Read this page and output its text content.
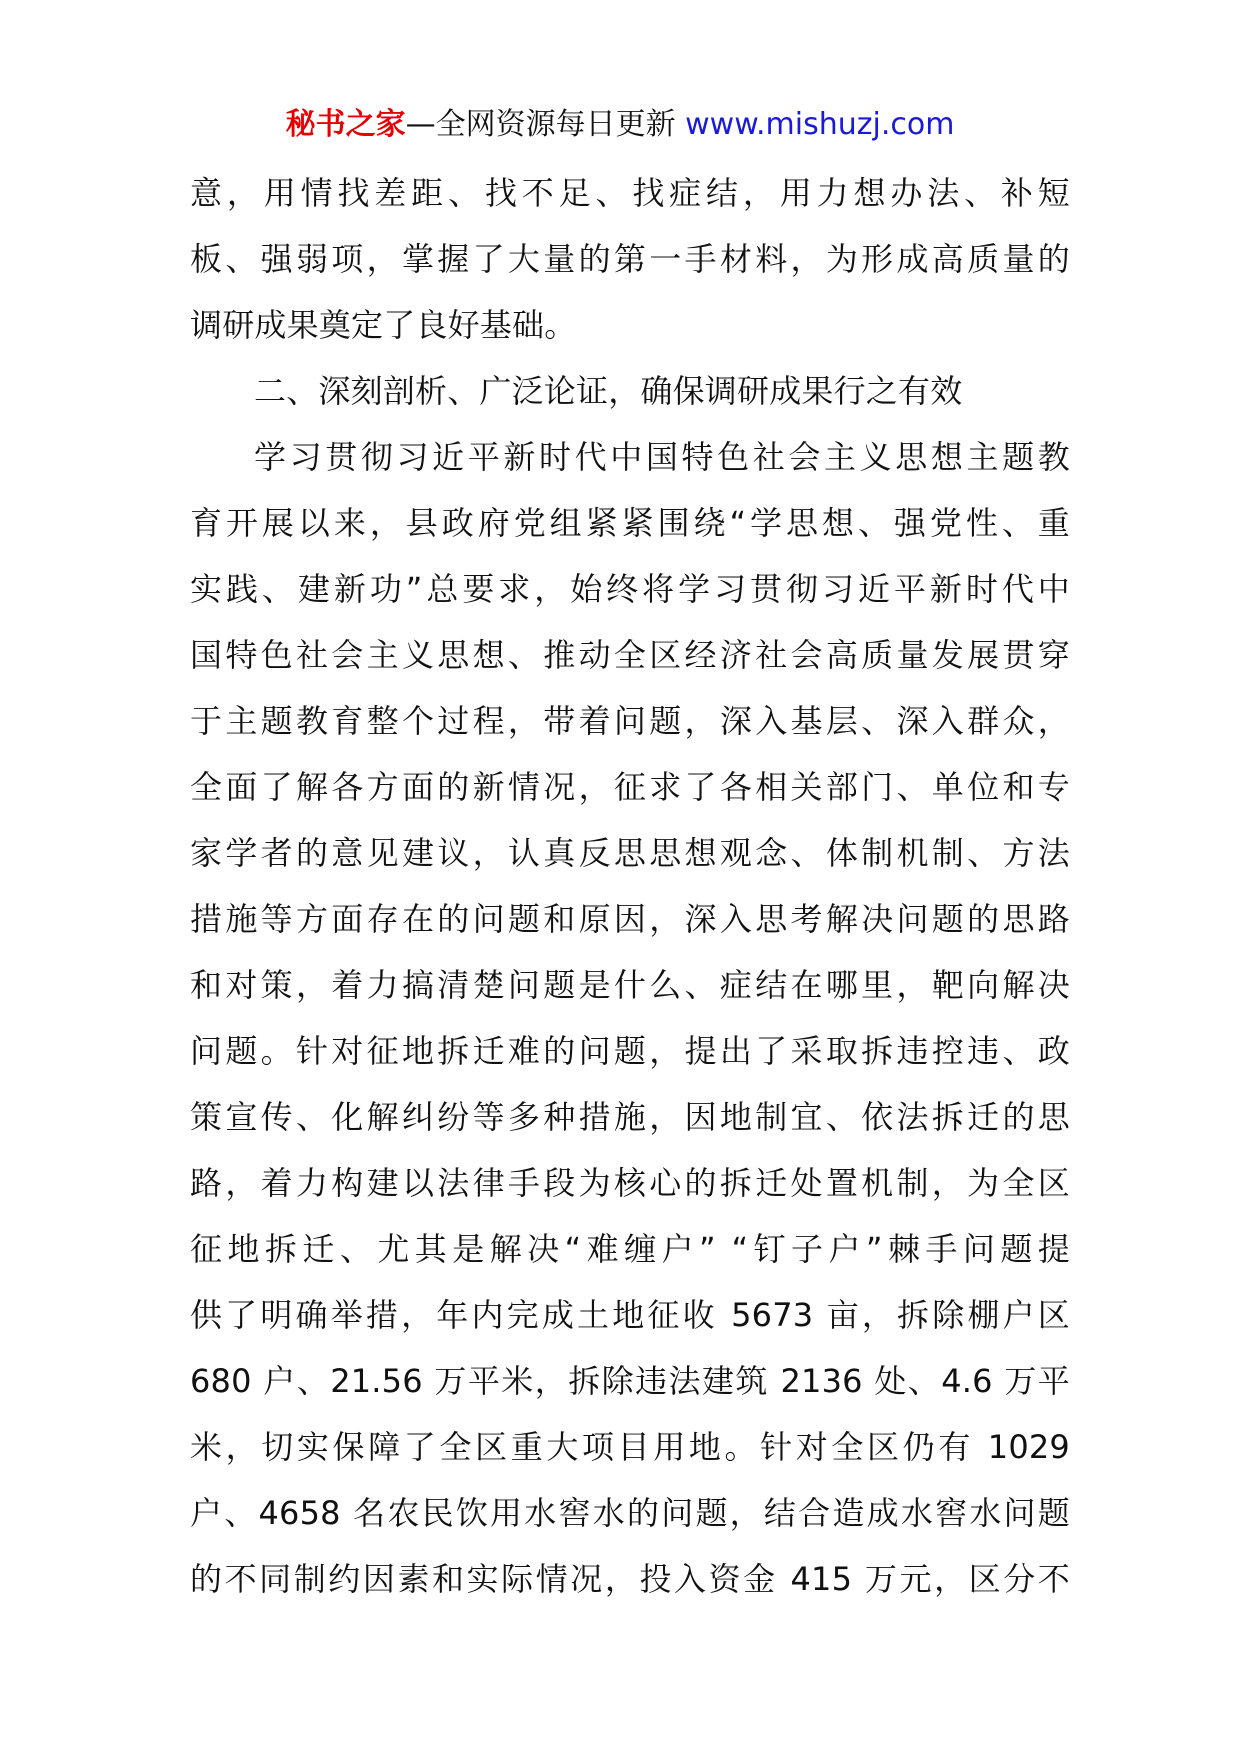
秘书之家—全网资源每日更新 www.mishuzj.com

意，用情找差距、找不足、找症结，用力想办法、补短
板、强弱项，掌握了大量的第一手材料，为形成高质量的
调研成果奠定了良好基础。

二、深刻剖析、广泛论证，确保调研成果行之有效

学习贯彻习近平新时代中国特色社会主义思想主题教
育开展以来，县政府党组紧紧围绕“学思想、强党性、重
实践、建新功”总要求，始终将学习贯彻习近平新时代中
国特色社会主义思想、推动全区经济社会高质量发展贯穿
于主题教育整个过程，带着问题，深入基层、深入群众，
全面了解各方面的新情况，征求了各相关部门、单位和专
家学者的意见建议，认真反思思想观念、体制机制、方法
措施等方面存在的问题和原因，深入思考解决问题的思路
和对策，着力搞清楚问题是什么、症结在哪里，靶向解决
问题。针对征地拆迁难的问题，提出了采取拆违控违、政
策宣传、化解纠纷等多种措施，因地制宜、依法拆迁的思
路，着力构建以法律手段为核心的拆迁处置机制，为全区
征地拆迁、尤其是解决“难缠户” “钉子户”棘手问题提
供了明确举措，年内完成土地征收 5673 亩，拆除棚户区
680 户、21.56 万平米，拆除违法建筑 2136 处、4.6 万平
米，切实保障了全区重大项目用地。针对全区仍有 1029
户、4658 名农民饮用水窖水的问题，结合造成水窖水问题
的不同制约因素和实际情况，投入资金 415 万元，区分不
